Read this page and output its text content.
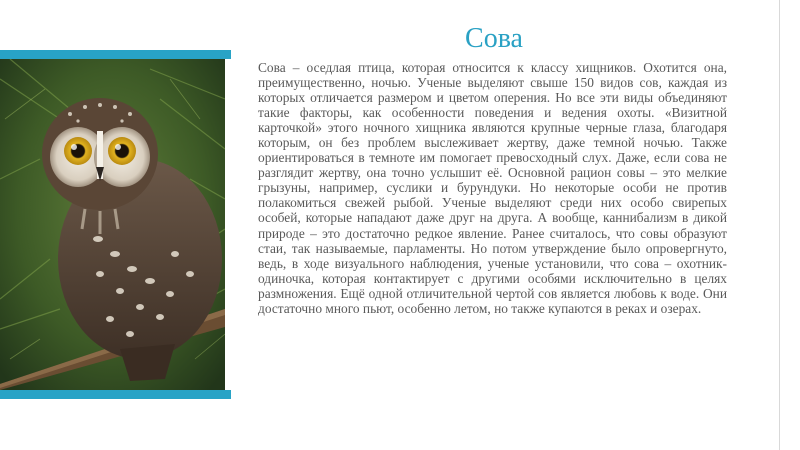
Сова

Сова – оседлая птица, которая относится к классу хищников. Охотится она, преимущественно, ночью. Ученые выделяют свыше 150 видов сов, каждая из которых отличается размером и цветом оперения. Но все эти виды объединяют такие факторы, как особенности поведения и ведения охоты. «Визитной карточкой» этого ночного хищника являются крупные черные глаза, благодаря которым, он без проблем выслеживает жертву, даже темной ночью. Также ориентироваться в темноте им помогает превосходный слух. Даже, если сова не разглядит жертву, она точно услышит её. Основной рацион совы – это мелкие грызуны, например, суслики и бурундуки. Но некоторые особи не против полакомиться свежей рыбой. Ученые выделяют среди них особо свирепых особей, которые нападают даже друг на друга. А вообще, каннибализм в дикой природе – это достаточно редкое явление. Ранее считалось, что совы образуют стаи, так называемые, парламенты. Но потом утверждение было опровергнуто, ведь, в ходе визуального наблюдения, ученые установили, что сова – охотник-одиночка, которая контактирует с другими особями исключительно в целях размножения. Ещё одной отличительной чертой сов является любовь к воде. Они достаточно много пьют, особенно летом, но также купаются в реках и озерах.
